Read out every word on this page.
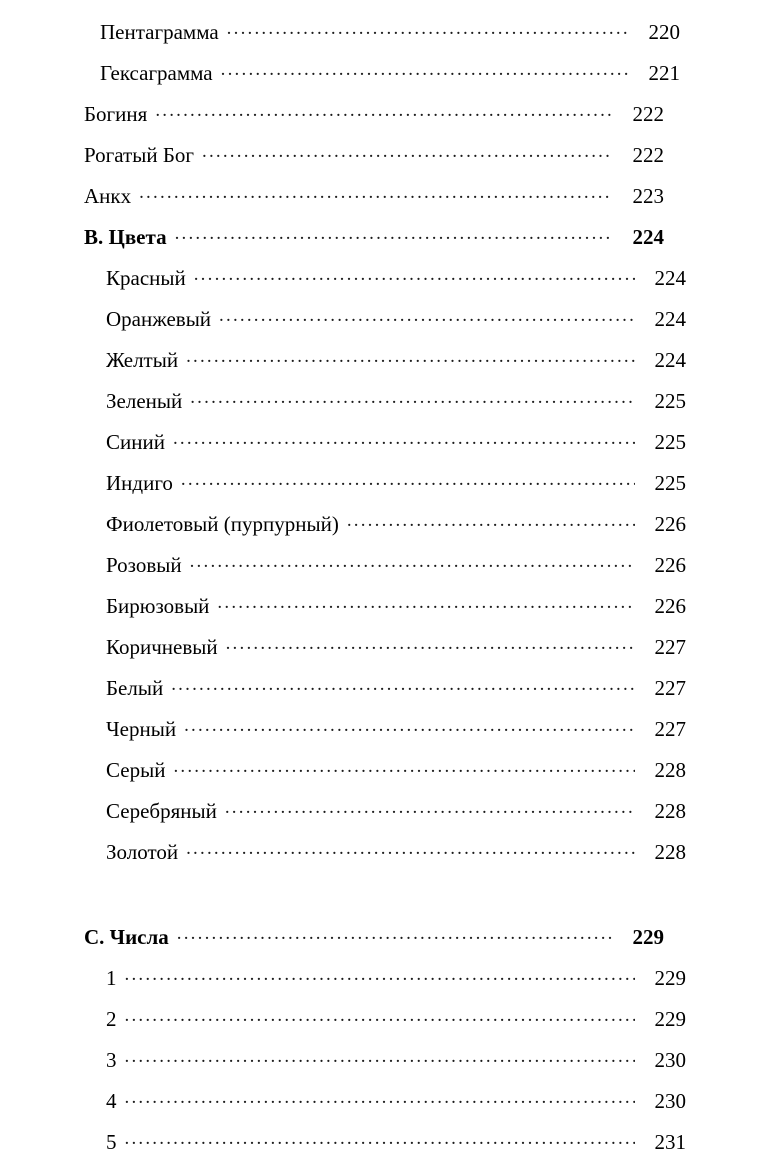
Пентаграмма .....	220
Гексаграмма .....	221
Богиня .....	222
Рогатый Бог .....	222
Анкх .....	223
B. Цвета .....	224
Красный .....	224
Оранжевый .....	224
Желтый .....	224
Зеленый .....	225
Синий .....	225
Индиго .....	225
Фиолетовый (пурпурный) .....	226
Розовый .....	226
Бирюзовый .....	226
Коричневый .....	227
Белый .....	227
Черный .....	227
Серый .....	228
Серебряный .....	228
Золотой .....	228
C. Числа .....	229
1 .....	229
2 .....	229
3 .....	230
4 .....	230
5 .....	231
